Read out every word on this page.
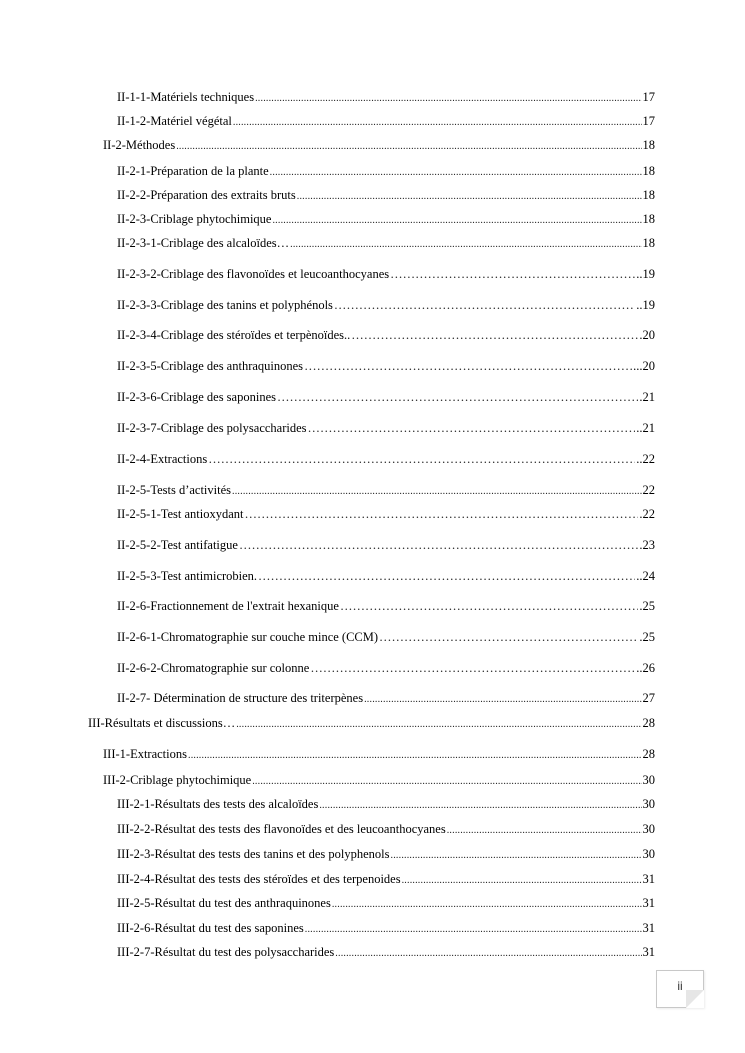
II-1-1-Matériels techniques .....	17
II-1-2-Matériel végétal .....	17
II-2-Méthodes .....	18
II-2-1-Préparation de la plante .....	18
II-2-2-Préparation des extraits bruts .....	18
II-2-3-Criblage phytochimique .....	18
II-2-3-1-Criblage des alcaloïdes… .....	18
II-2-3-2-Criblage des flavonoïdes et leucoanthocyanes ………………………………………………………………………………………………………………………………………………………	..19
II-2-3-3-Criblage des tanins et polyphénols ………………………………………………………………………………………………………………………………………………………	..19
II-2-3-4-Criblage des stéroïdes et terpènoïdes.. ………………………………………………………………………………………………………………………………………………………	.20
II-2-3-5-Criblage des anthraquinones ………………………………………………………………………………………………………………………………………………………	...20
II-2-3-6-Criblage des saponines ………………………………………………………………………………………………………………………………………………………	.21
II-2-3-7-Criblage des polysaccharides ………………………………………………………………………………………………………………………………………………………	..21
II-2-4-Extractions ………………………………………………………………………………………………………………………………………………………	..22
II-2-5-Tests d’activités .....	22
II-2-5-1-Test antioxydant ………………………………………………………………………………………………………………………………………………………	.22
II-2-5-2-Test antifatigue ………………………………………………………………………………………………………………………………………………………	.23
II-2-5-3-Test antimicrobien. ………………………………………………………………………………………………………………………………………………………	..24
II-2-6-Fractionnement de l'extrait hexanique ………………………………………………………………………………………………………………………………………………………	.25
II-2-6-1-Chromatographie sur couche mince (CCM) ………………………………………………………………………………………………………………………………………………………	.25
II-2-6-2-Chromatographie sur colonne ………………………………………………………………………………………………………………………………………………………	..26
II-2-7- Détermination de structure des triterpènes .....	27
III-Résultats et discussions… .....	28
III-1-Extractions .....	28
III-2-Criblage phytochimique .....	30
III-2-1-Résultats des tests des alcaloïdes .....	30
III-2-2-Résultat des tests des flavonoïdes et des leucoanthocyanes .....	30
III-2-3-Résultat des tests des tanins et des polyphenols .....	30
III-2-4-Résultat des tests des stéroïdes et des terpenoides .....	31
III-2-5-Résultat du test des anthraquinones .....	31
III-2-6-Résultat du test des saponines .....	31
III-2-7-Résultat du test des polysaccharides .....	31
ii
